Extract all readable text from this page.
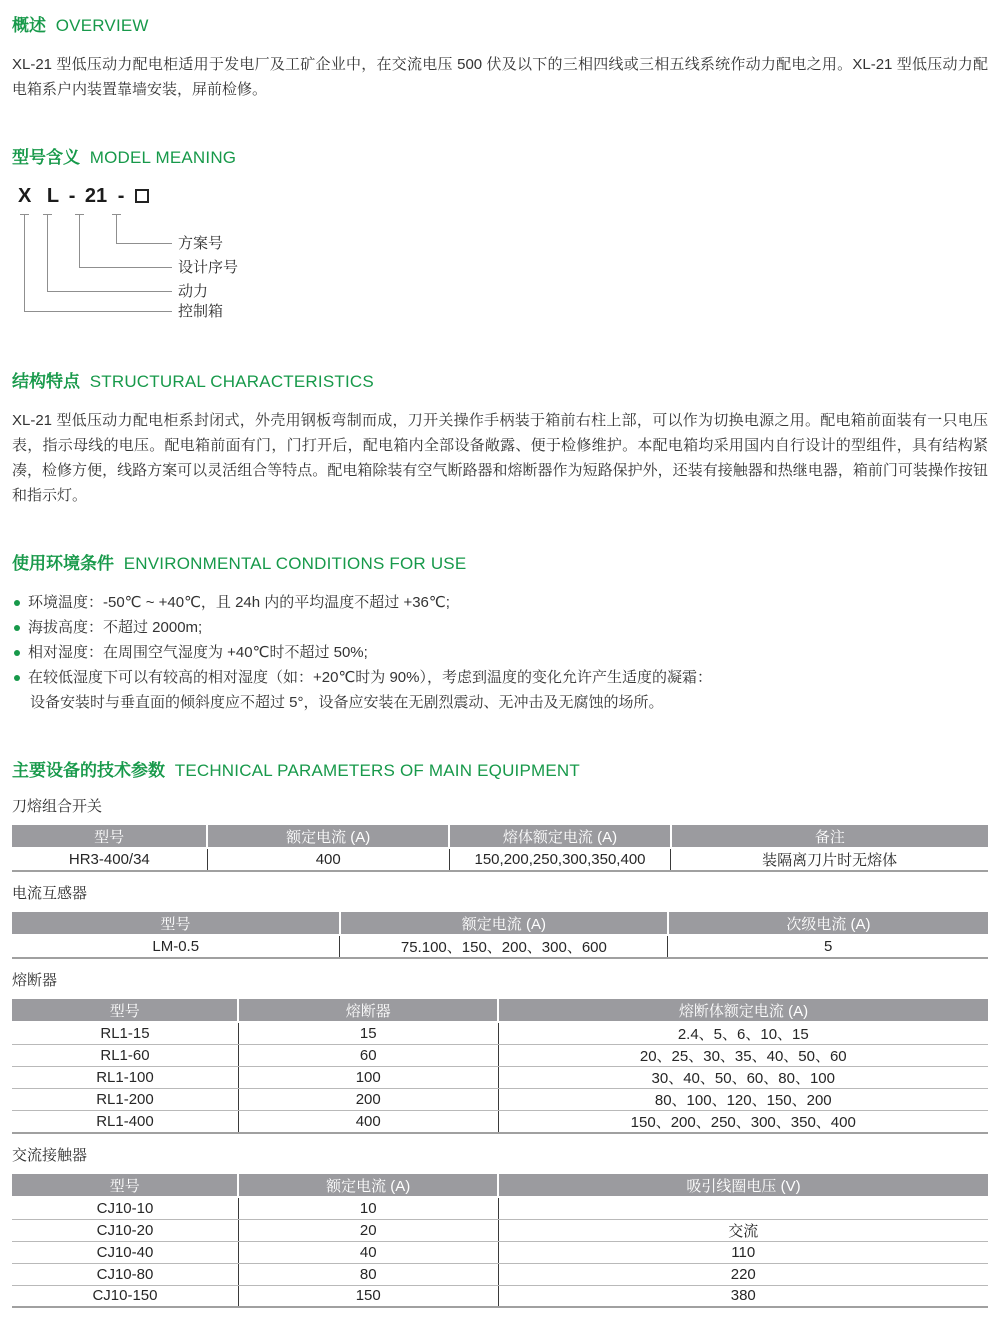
概述 OVERVIEW

XL-21 型低压动力配电柜适用于发电厂及工矿企业中，在交流电压 500 伏及以下的三相四线或三相五线系统作动力配电之用。XL-21 型低压动力配电箱系户内装置靠墙安装，屏前检修。

型号含义 MODEL MEANING
X L - 21 -
方案号
设计序号
动力
控制箱
结构特点 STRUCTURAL CHARACTERISTICS

XL-21 型低压动力配电柜系封闭式，外壳用钢板弯制而成，刀开关操作手柄装于箱前右柱上部，可以作为切换电源之用。配电箱前面装有一只电压表，指示母线的电压。配电箱前面有门，门打开后，配电箱内全部设备敞露、便于检修维护。本配电箱均采用国内自行设计的型组件，具有结构紧凑，检修方便，线路方案可以灵活组合等特点。配电箱除装有空气断路器和熔断器作为短路保护外，还装有接触器和热继电器，箱前门可装操作按钮和指示灯。

使用环境条件 ENVIRONMENTAL CONDITIONS FOR USE
环境温度：-50℃ ~ +40℃，且 24h 内的平均温度不超过 +36℃;
海拔高度：不超过 2000m;
相对湿度：在周围空气湿度为 +40℃时不超过 50%;
在较低湿度下可以有较高的相对湿度（如：+20℃时为 90%），考虑到温度的变化允许产生适度的凝霜：
设备安装时与垂直面的倾斜度应不超过 5°，设备应安装在无剧烈震动、无冲击及无腐蚀的场所。
主要设备的技术参数 TECHNICAL PARAMETERS OF MAIN EQUIPMENT
刀熔组合开关
型号	额定电流 (A)	熔体额定电流 (A)	备注
HR3-400/34	400	150,200,250,300,350,400	装隔离刀片时无熔体
电流互感器
型号	额定电流 (A)	次级电流 (A)
LM-0.5	75.100、150、200、300、600	5
熔断器
型号	熔断器	熔断体额定电流 (A)
RL1-15	15	2.4、5、6、10、15
RL1-60	60	20、25、30、35、40、50、60
RL1-100	100	30、40、50、60、80、100
RL1-200	200	80、100、120、150、200
RL1-400	400	150、200、250、300、350、400
交流接触器
型号	额定电流 (A)	吸引线圈电压 (V)
CJ10-10	10	
CJ10-20	20	交流
CJ10-40	40	110
CJ10-80	80	220
CJ10-150	150	380
